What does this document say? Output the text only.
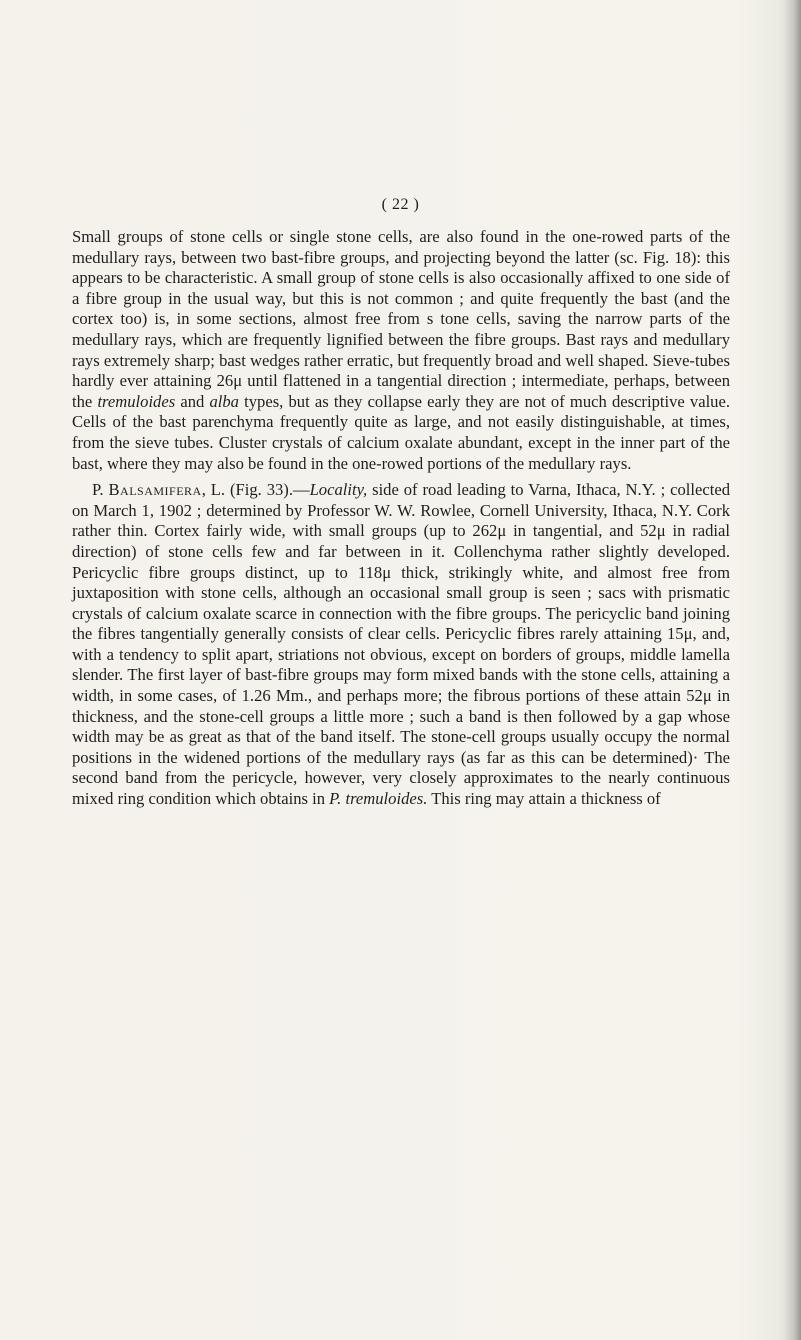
( 22 )

Small groups of stone cells or single stone cells, are also found in the one-rowed parts of the medullary rays, between two bast-fibre groups, and projecting beyond the latter (sc. Fig. 18): this appears to be characteristic. A small group of stone cells is also occasionally affixed to one side of a fibre group in the usual way, but this is not common ; and quite frequently the bast (and the cortex too) is, in some sections, almost free from s tone cells, saving the narrow parts of the medullary rays, which are frequently lignified between the fibre groups. Bast rays and medullary rays extremely sharp; bast wedges rather erratic, but frequently broad and well shaped. Sieve-tubes hardly ever attaining 26μ until flattened in a tangential direction ; intermediate, perhaps, between the tremuloides and alba types, but as they collapse early they are not of much descriptive value. Cells of the bast parenchyma frequently quite as large, and not easily distinguishable, at times, from the sieve tubes. Cluster crystals of calcium oxalate abundant, except in the inner part of the bast, where they may also be found in the one-rowed portions of the medullary rays.

P. Balsamifera, L. (Fig. 33).—Locality, side of road leading to Varna, Ithaca, N.Y. ; collected on March 1, 1902 ; determined by Professor W. W. Rowlee, Cornell University, Ithaca, N.Y. Cork rather thin. Cortex fairly wide, with small groups (up to 262μ in tangential, and 52μ in radial direction) of stone cells few and far between in it. Collenchyma rather slightly developed. Pericyclic fibre groups distinct, up to 118μ thick, strikingly white, and almost free from juxtaposition with stone cells, although an occasional small group is seen ; sacs with prismatic crystals of calcium oxalate scarce in connection with the fibre groups. The pericyclic band joining the fibres tangentially generally consists of clear cells. Pericyclic fibres rarely attaining 15μ, and, with a tendency to split apart, striations not obvious, except on borders of groups, middle lamella slender. The first layer of bast-fibre groups may form mixed bands with the stone cells, attaining a width, in some cases, of 1.26 Mm., and perhaps more; the fibrous portions of these attain 52μ in thickness, and the stone-cell groups a little more ; such a band is then followed by a gap whose width may be as great as that of the band itself. The stone-cell groups usually occupy the normal positions in the widened portions of the medullary rays (as far as this can be determined)· The second band from the pericycle, however, very closely approximates to the nearly continuous mixed ring condition which obtains in P. tremuloides. This ring may attain a thickness of
